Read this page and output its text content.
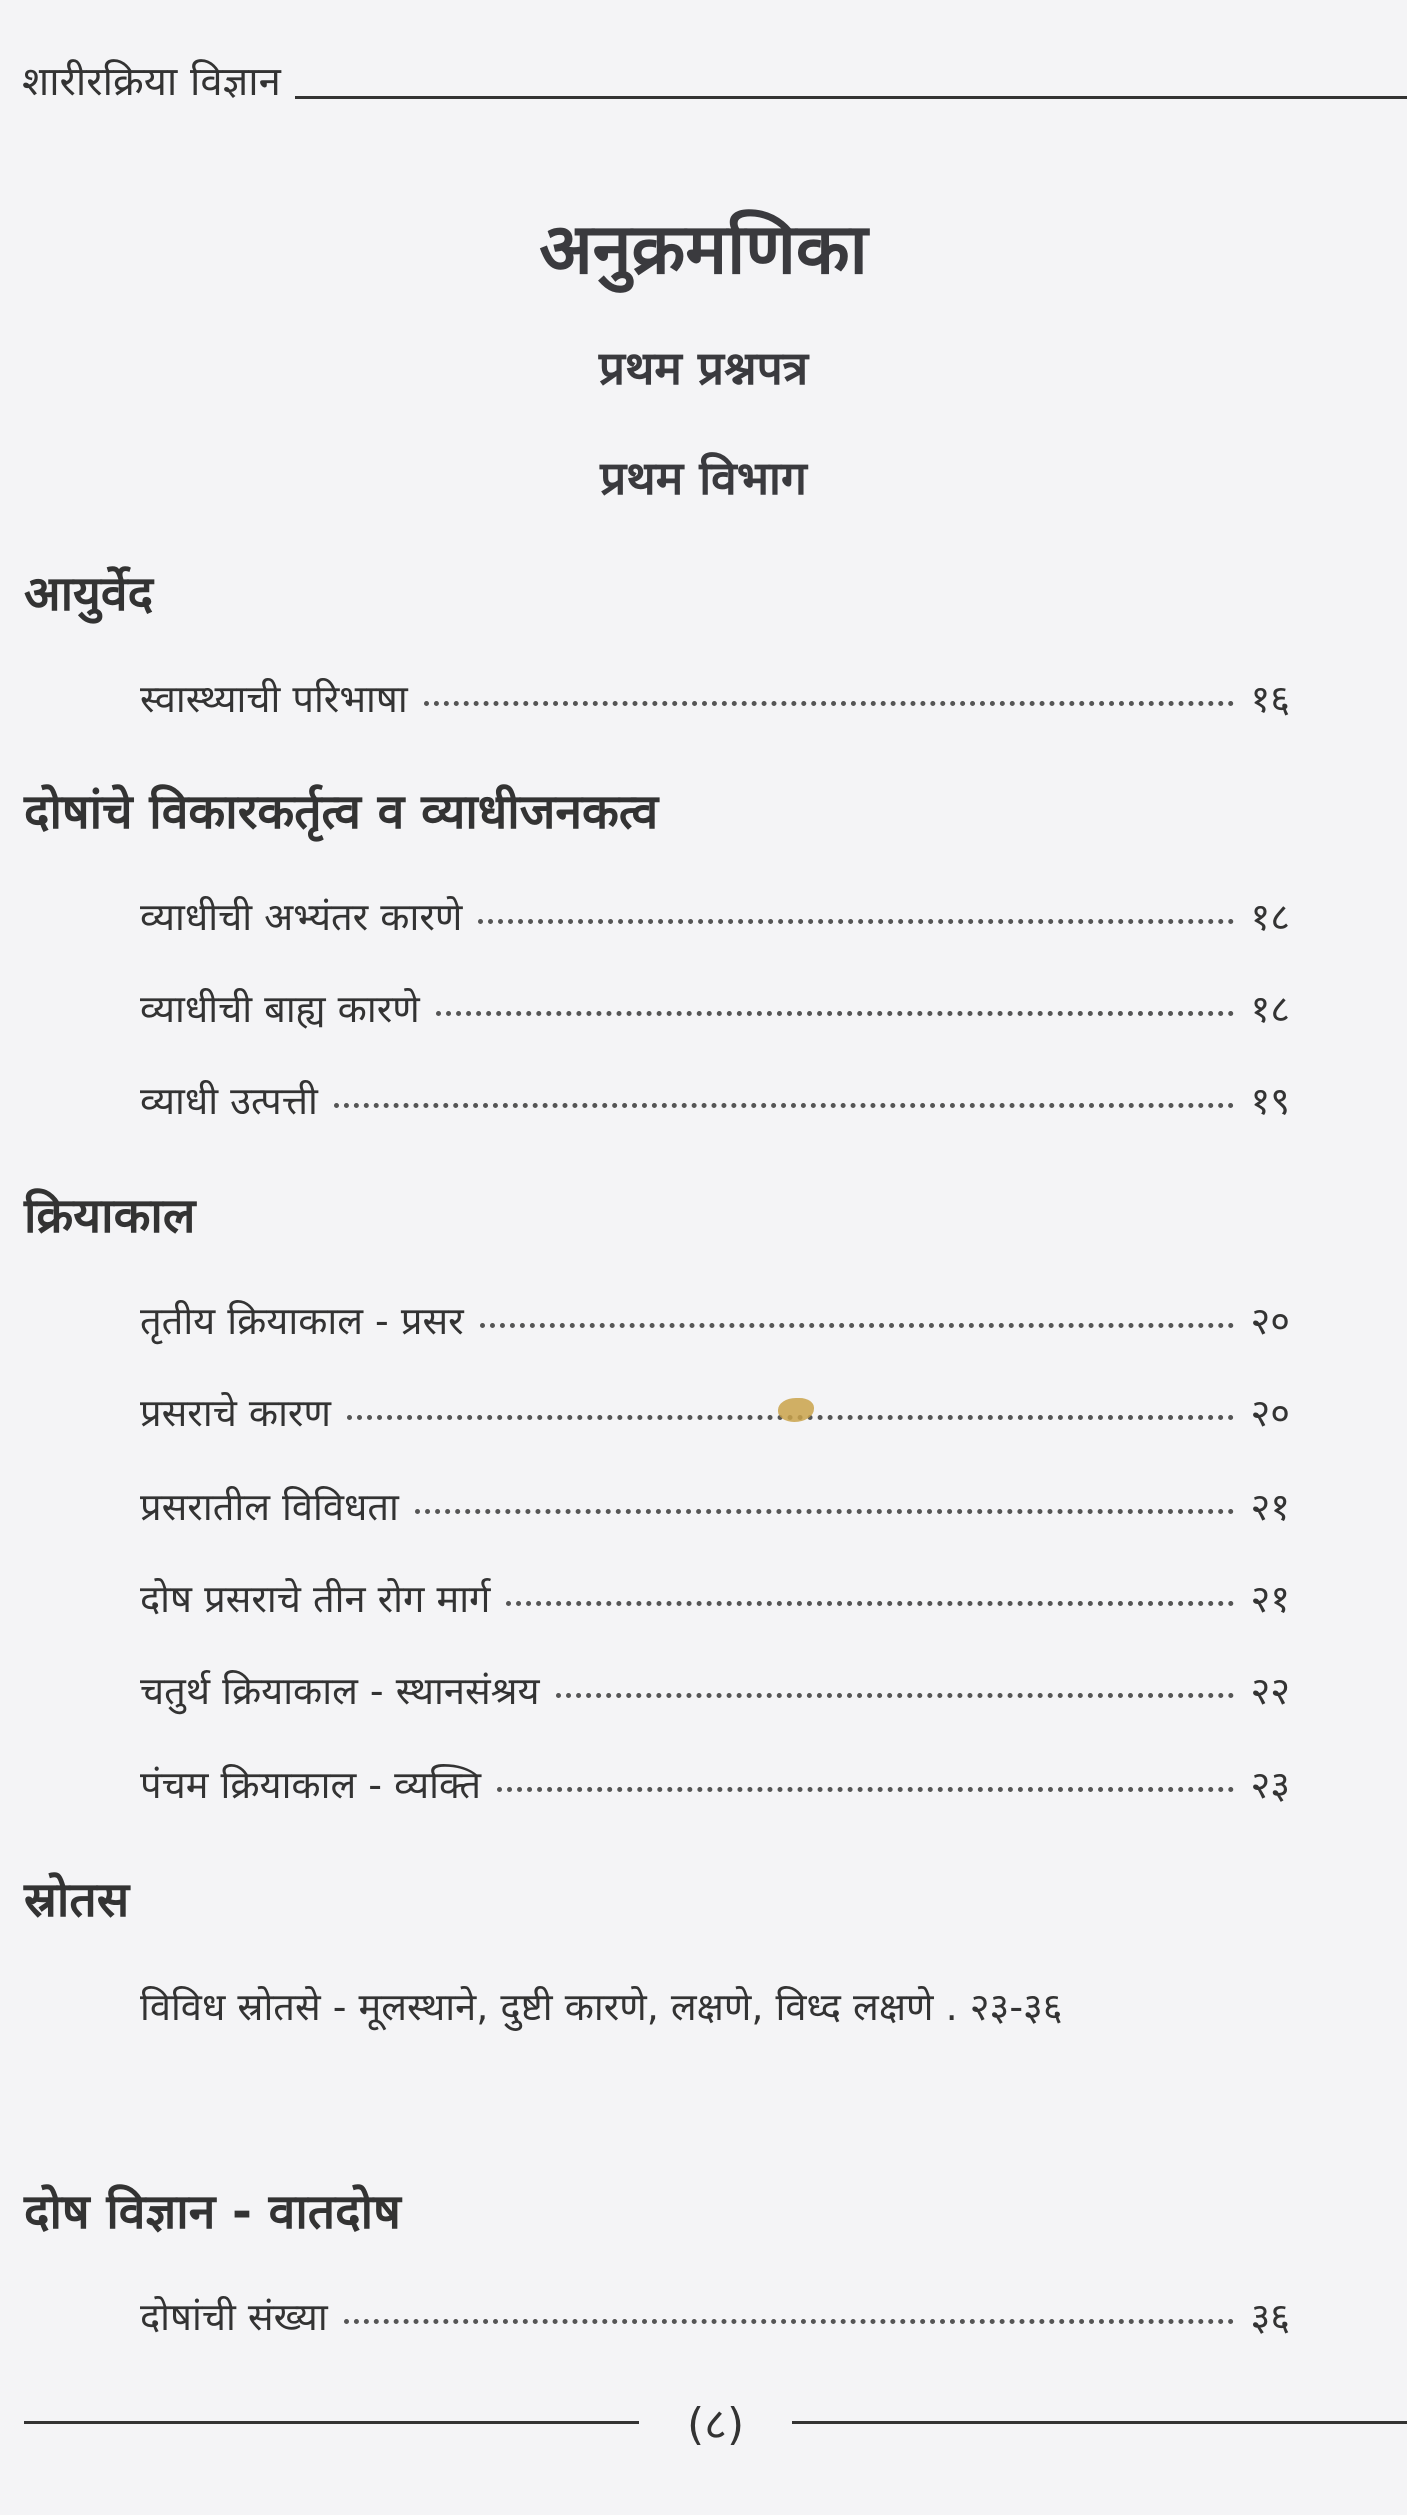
शारीरक्रिया विज्ञान
अनुक्रमणिका
प्रथम प्रश्नपत्र
प्रथम विभाग
आयुर्वेद
स्वास्थ्याची परिभाषा	१६
दोषांचे विकारकर्तृत्व व व्याधीजनकत्व
व्याधीची अभ्यंतर कारणे	१८
व्याधीची बाह्य कारणे	१८
व्याधी उत्पत्ती	१९
क्रियाकाल
तृतीय क्रियाकाल - प्रसर	२०
प्रसराचे कारण	२०
प्रसरातील विविधता	२१
दोष प्रसराचे तीन रोग मार्ग	२१
चतुर्थ क्रियाकाल - स्थानसंश्रय	२२
पंचम क्रियाकाल - व्यक्ति	२३
स्रोतस
विविध स्रोतसे - मूलस्थाने, दुष्टी कारणे, लक्षणे, विध्द लक्षणे . २३-३६
दोष विज्ञान - वातदोष
दोषांची संख्या	३६
(८)
